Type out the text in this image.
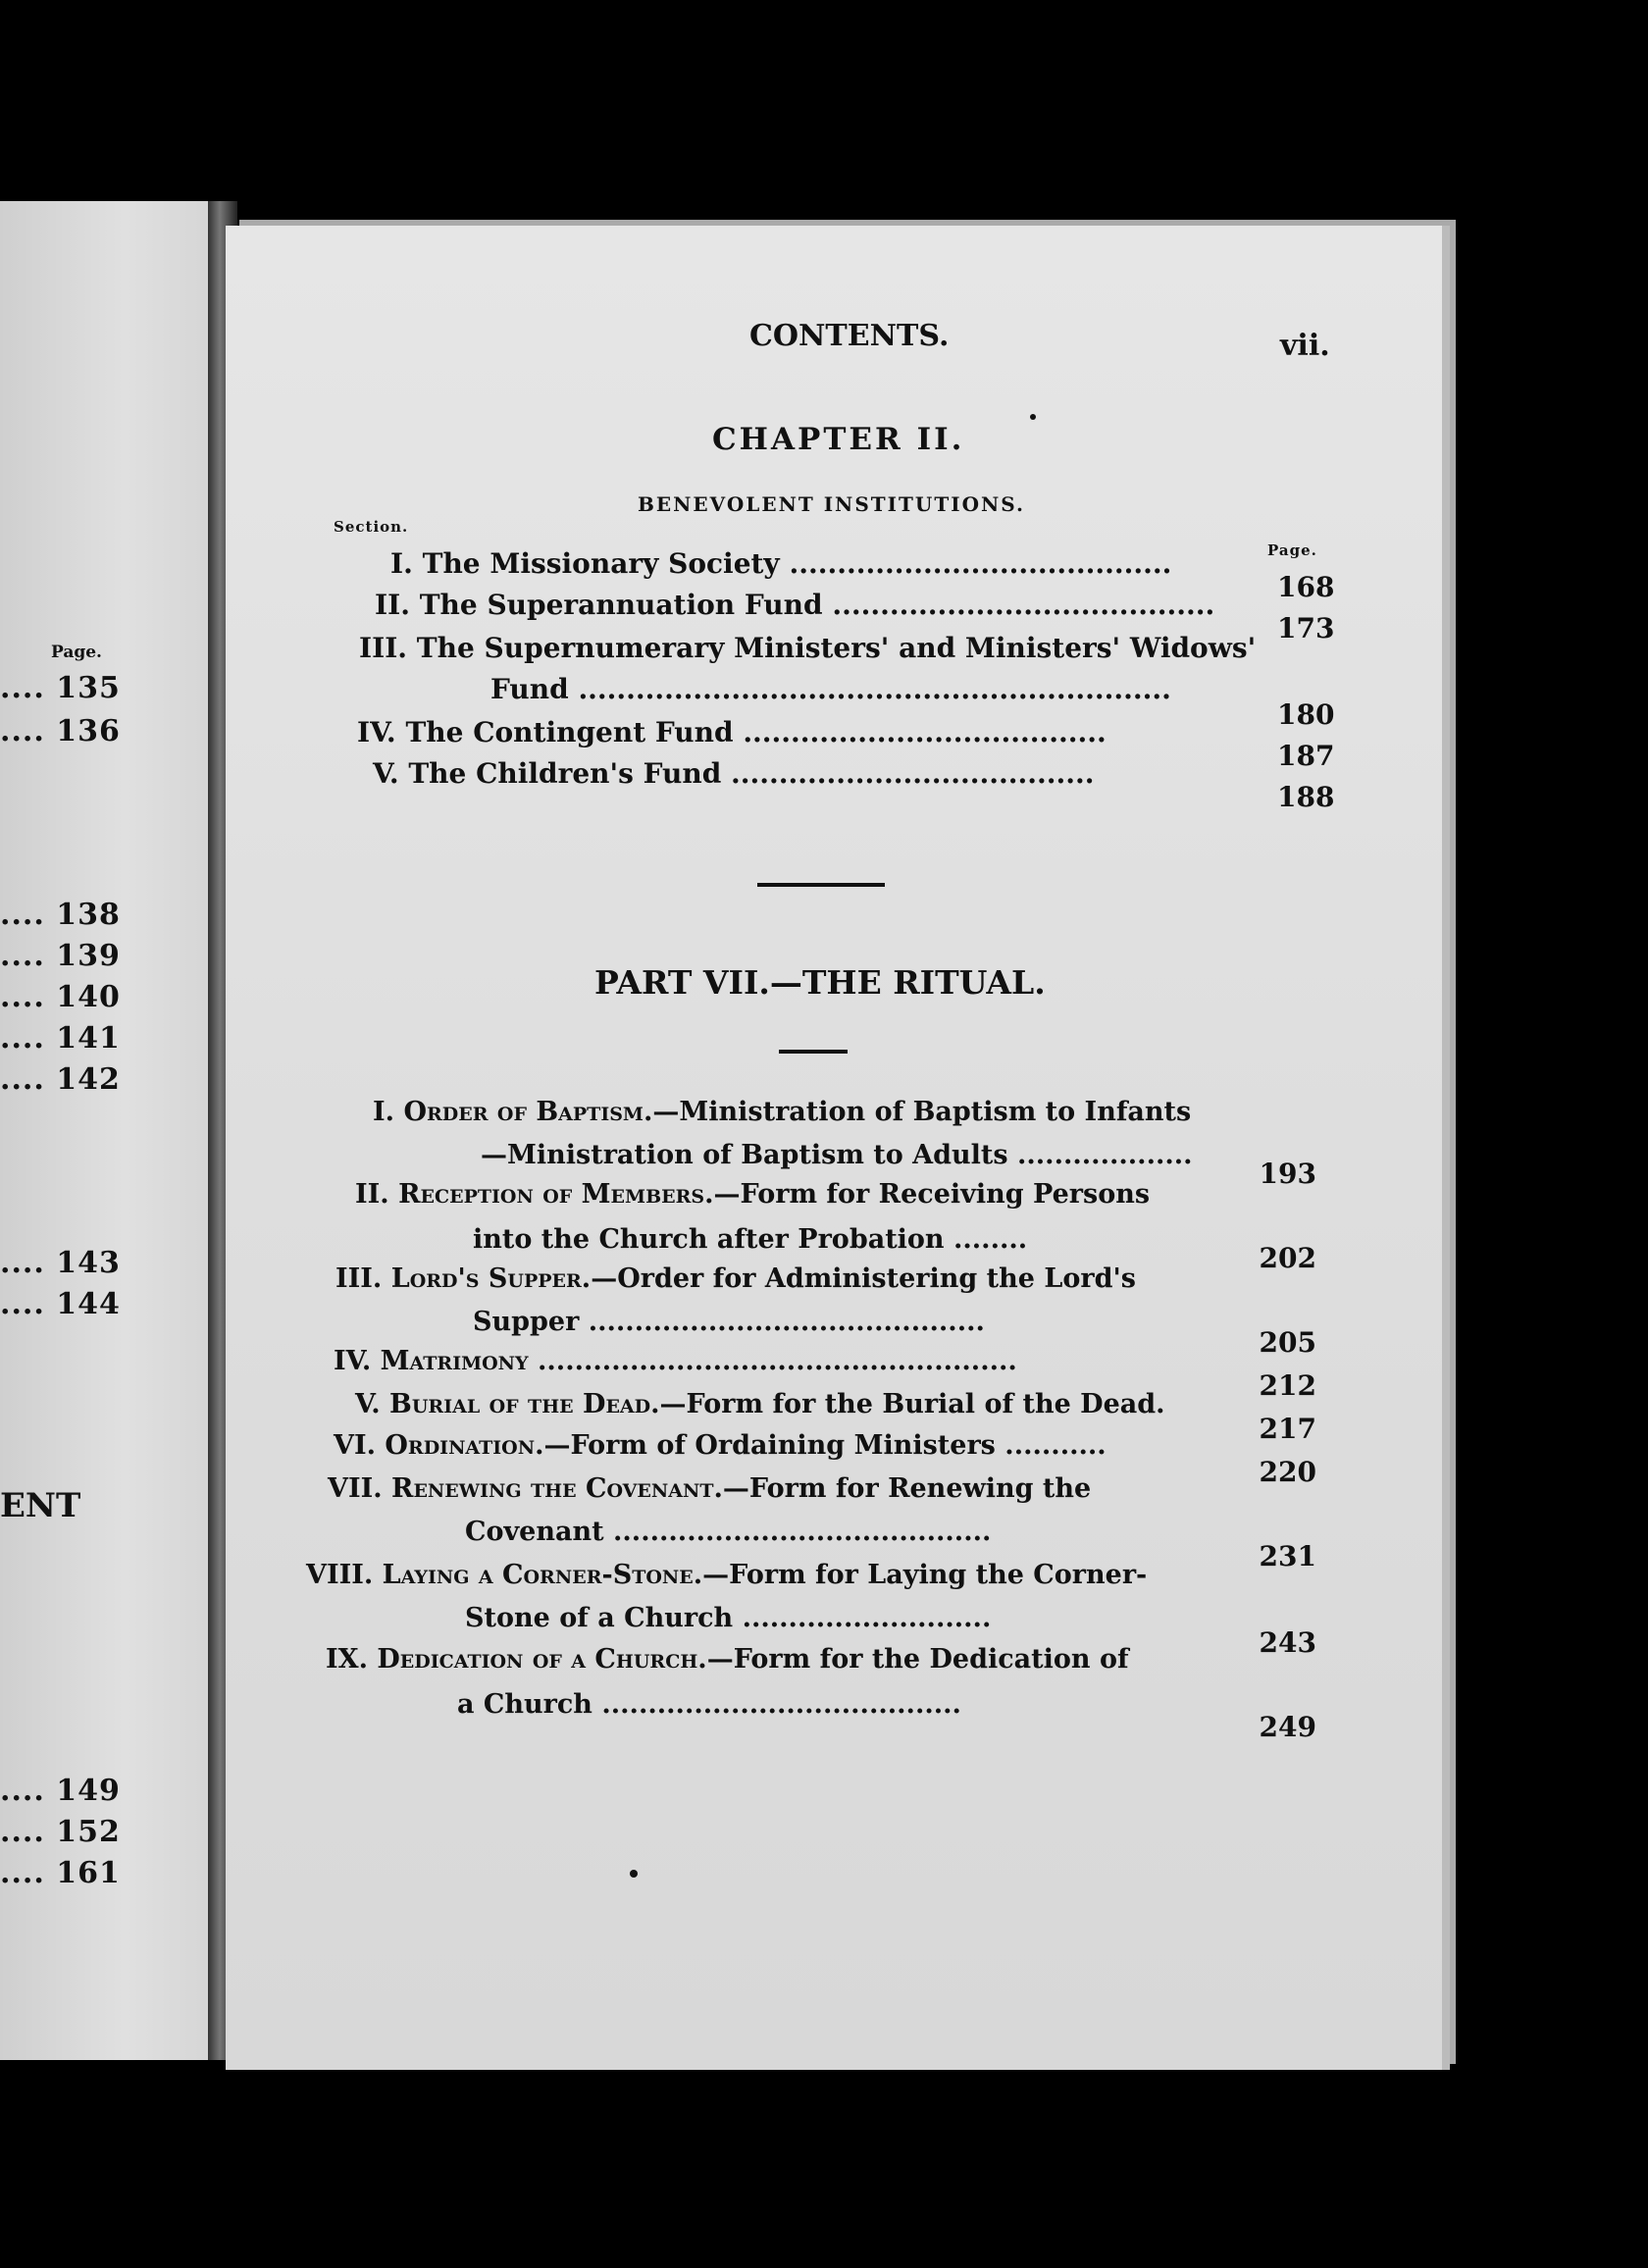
Page.
.... 135
.... 136
.... 138
.... 139
.... 140
.... 141
.... 142
.... 143
.... 144
ENT
.... 149
.... 152
.... 161
CONTENTS.	vii.
CHAPTER II.
BENEVOLENT INSTITUTIONS.
Section.
Page.
I. The Missionary Society ........................................
168
II. The Superannuation Fund ........................................
173
III. The Supernumerary Ministers' and Ministers' Widows'
Fund ..............................................................
180
IV. The Contingent Fund ......................................
187
V. The Children's Fund ......................................
188
PART VII.—THE RITUAL.
I. Order of Baptism.—Ministration of Baptism to Infants
—Ministration of Baptism to Adults ...................
193
II. Reception of Members.—Form for Receiving Persons
into the Church after Probation ........
202
III. Lord's Supper.—Order for Administering the Lord's
Supper ...........................................
205
IV. Matrimony ....................................................
212
V. Burial of the Dead.—Form for the Burial of the Dead.
217
VI. Ordination.—Form of Ordaining Ministers ...........
220
VII. Renewing the Covenant.—Form for Renewing the
Covenant .........................................
231
VIII. Laying a Corner-Stone.—Form for Laying the Corner-
Stone of a Church ...........................
243
IX. Dedication of a Church.—Form for the Dedication of
a Church .......................................
249
